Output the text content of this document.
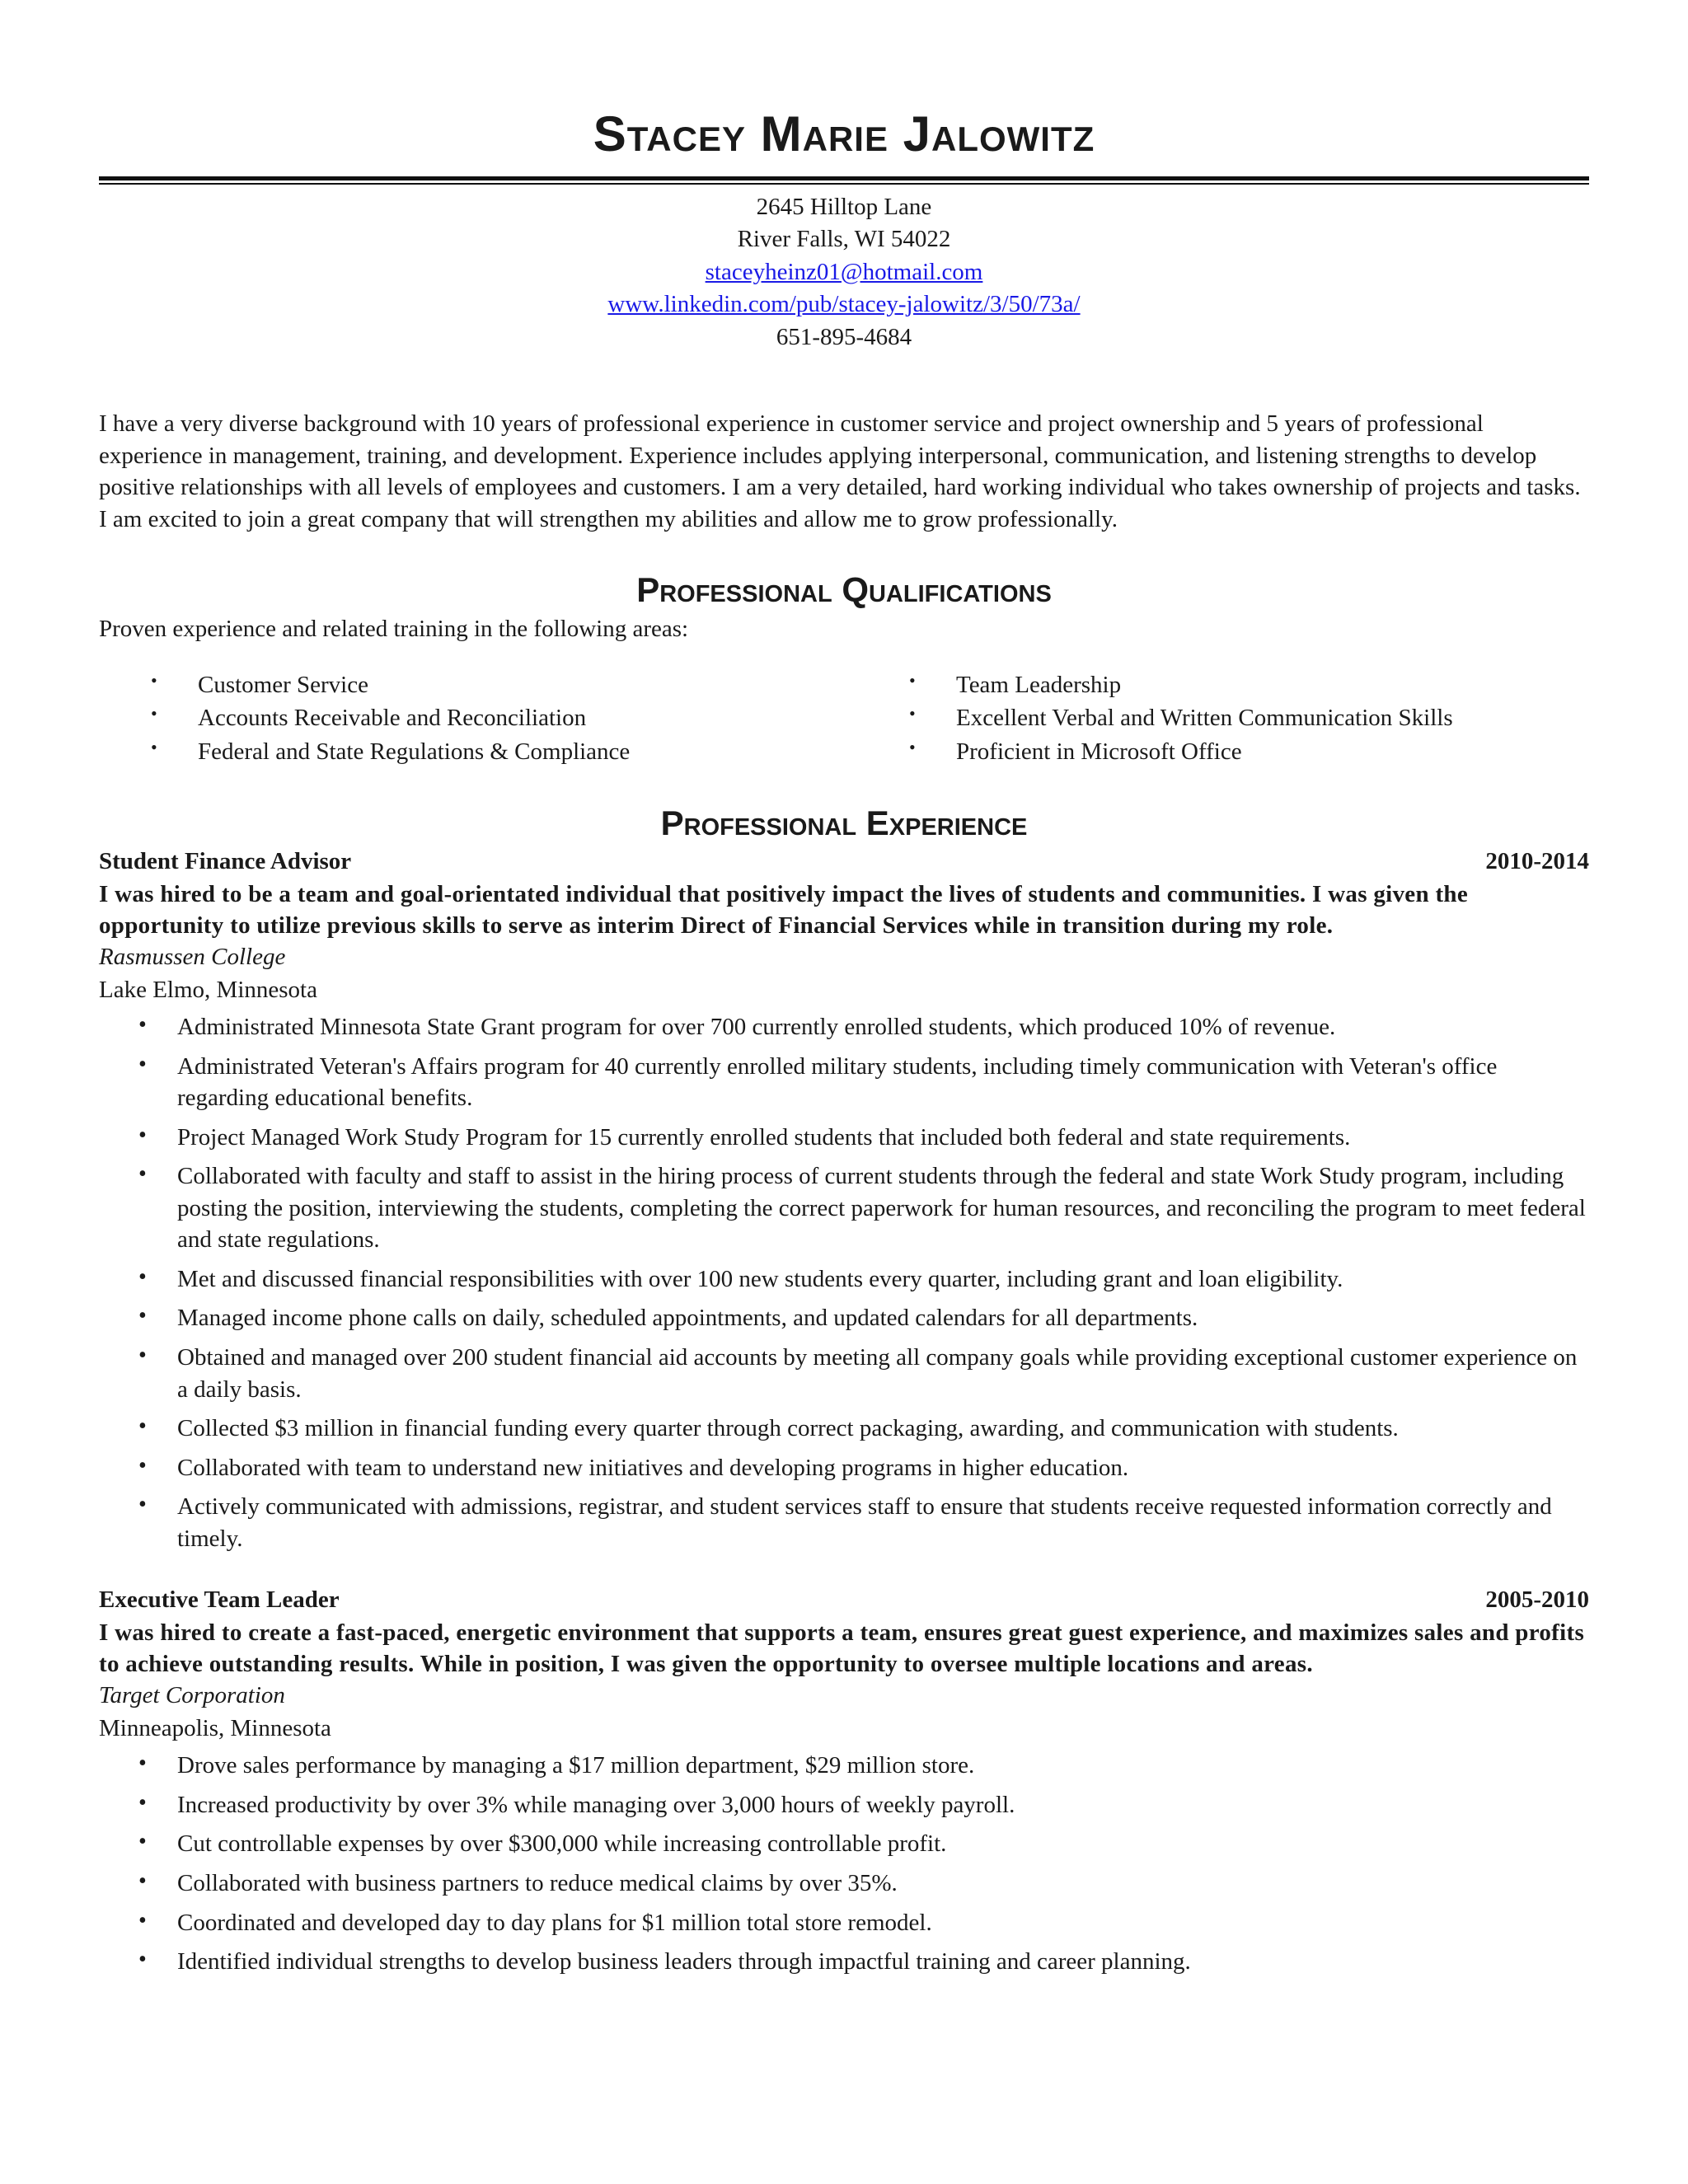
Stacey Marie Jalowitz
2645 Hilltop Lane
River Falls, WI 54022
staceyheinz01@hotmail.com
www.linkedin.com/pub/stacey-jalowitz/3/50/73a/
651-895-4684

I have a very diverse background with 10 years of professional experience in customer service and project ownership and 5 years of professional experience in management, training, and development. Experience includes applying interpersonal, communication, and listening strengths to develop positive relationships with all levels of employees and customers. I am a very detailed, hard working individual who takes ownership of projects and tasks. I am excited to join a great company that will strengthen my abilities and allow me to grow professionally.

Professional Qualifications
Proven experience and related training in the following areas:
• Customer Service
• Accounts Receivable and Reconciliation
• Federal and State Regulations & Compliance
• Team Leadership
• Excellent Verbal and Written Communication Skills
• Proficient in Microsoft Office
Professional Experience
Student Finance Advisor	2010-2014
I was hired to be a team and goal-orientated individual that positively impact the lives of students and communities. I was given the opportunity to utilize previous skills to serve as interim Direct of Financial Services while in transition during my role.
Rasmussen College
Lake Elmo, Minnesota
• Administrated Minnesota State Grant program for over 700 currently enrolled students, which produced 10% of revenue.
• Administrated Veteran's Affairs program for 40 currently enrolled military students, including timely communication with Veteran's office regarding educational benefits.
• Project Managed Work Study Program for 15 currently enrolled students that included both federal and state requirements.
• Collaborated with faculty and staff to assist in the hiring process of current students through the federal and state Work Study program, including posting the position, interviewing the students, completing the correct paperwork for human resources, and reconciling the program to meet federal and state regulations.
• Met and discussed financial responsibilities with over 100 new students every quarter, including grant and loan eligibility.
• Managed income phone calls on daily, scheduled appointments, and updated calendars for all departments.
• Obtained and managed over 200 student financial aid accounts by meeting all company goals while providing exceptional customer experience on a daily basis.
• Collected $3 million in financial funding every quarter through correct packaging, awarding, and communication with students.
• Collaborated with team to understand new initiatives and developing programs in higher education.
• Actively communicated with admissions, registrar, and student services staff to ensure that students receive requested information correctly and timely.
Executive Team Leader	2005-2010
I was hired to create a fast-paced, energetic environment that supports a team, ensures great guest experience, and maximizes sales and profits to achieve outstanding results. While in position, I was given the opportunity to oversee multiple locations and areas.
Target Corporation
Minneapolis, Minnesota
• Drove sales performance by managing a $17 million department, $29 million store.
• Increased productivity by over 3% while managing over 3,000 hours of weekly payroll.
• Cut controllable expenses by over $300,000 while increasing controllable profit.
• Collaborated with business partners to reduce medical claims by over 35%.
• Coordinated and developed day to day plans for $1 million total store remodel.
• Identified individual strengths to develop business leaders through impactful training and career planning.
